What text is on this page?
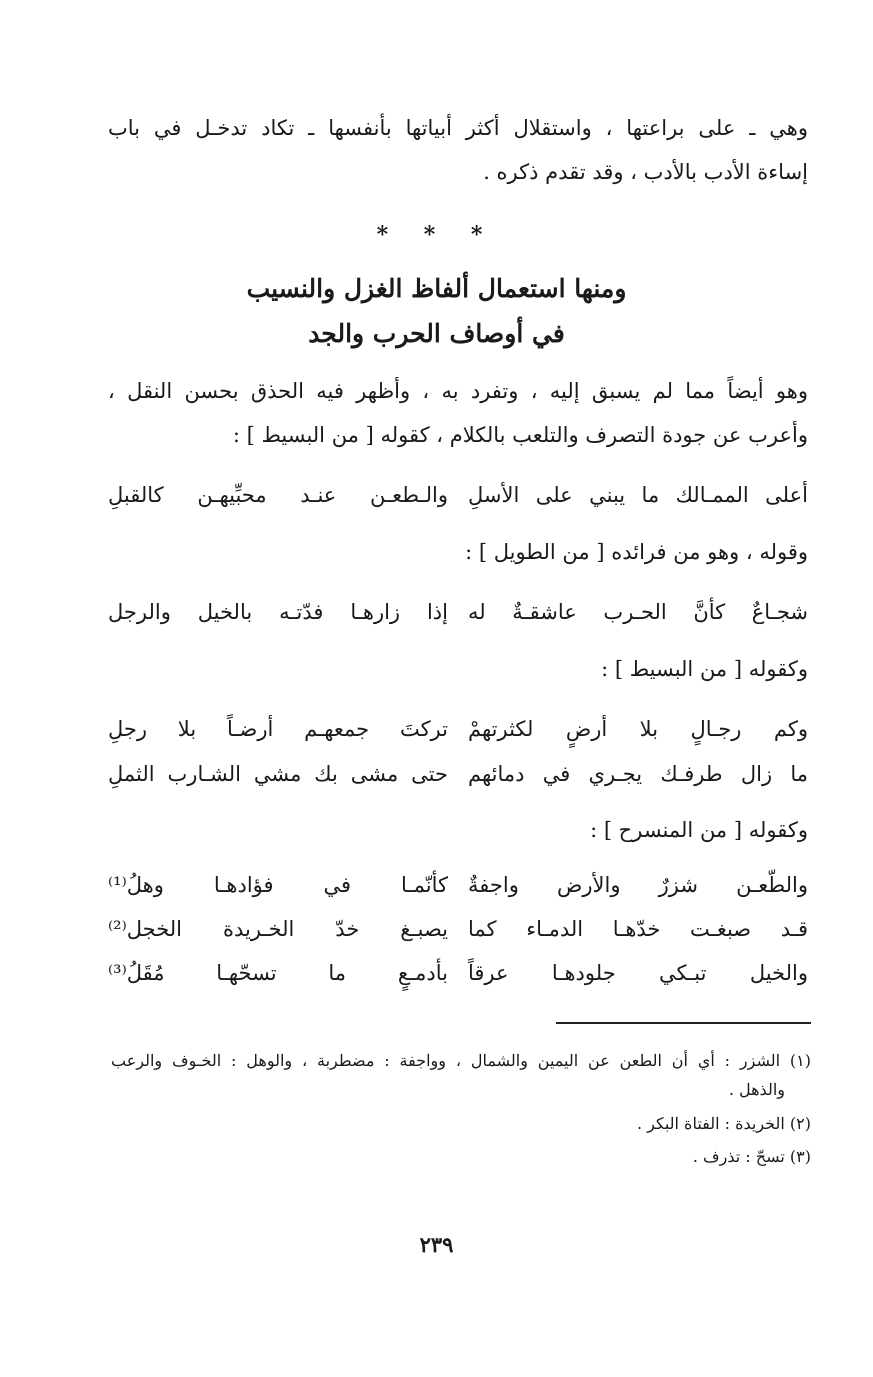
وهي ـ على براعتها ، واستقلال أكثر أبياتها بأنفسها ـ تكاد تدخـل في باب
إساءة الأدب بالأدب ، وقد تقدم ذكره .
* * *
ومنها استعمال ألفاظ الغزل والنسيب
في أوصاف الحرب والجد
وهو أيضاً مما لم يسبق إليه ، وتفرد به ، وأظهر فيه الحذق بحسن النقل ،
وأعرب عن جودة التصرف والتلعب بالكلام ، كقوله [ من البسيط ] :
أعلى الممـالك ما يبني على الأسلِ
والـطعـن عنـد محبِّيهـن كالقبلِ
وقوله ، وهو من فرائده [ من الطويل ] :
شجـاعٌ كأنَّ الحـرب عاشقـةٌ له
إذا زارهـا فدّتـه بالخيل والرجل
وكقوله [ من البسيط ] :
وكم رجـالٍ بلا أرضٍ لكثرتهمْ
تركتَ جمعهـم أرضـاً بلا رجلِ
ما زال طرفـك يجـري في دمائهم
حتى مشى بك مشي الشـارب الثملِ
وكقوله [ من المنسرح ] :
والطّعـن شزرٌ والأرض واجفةٌ
كأنّمـا في فؤادهـا وهلُ⁽¹⁾
قـد صبغـت خدّهـا الدمـاء كما
يصبـغ خدّ الخـريدة الخجل⁽²⁾
والخيل تبـكي جلودهـا عرقاً
بأدمـعٍ ما تسحّهـا مُقَلُ⁽³⁾
(١) الشزر : أي أن الطعن عن اليمين والشمال ، وواجفة : مضطربة ، والوهل : الخـوف والرعب
والذهل .
(٢) الخريدة : الفتاة البكر .
(٣) تسحّ : تذرف .
٢٣٩
